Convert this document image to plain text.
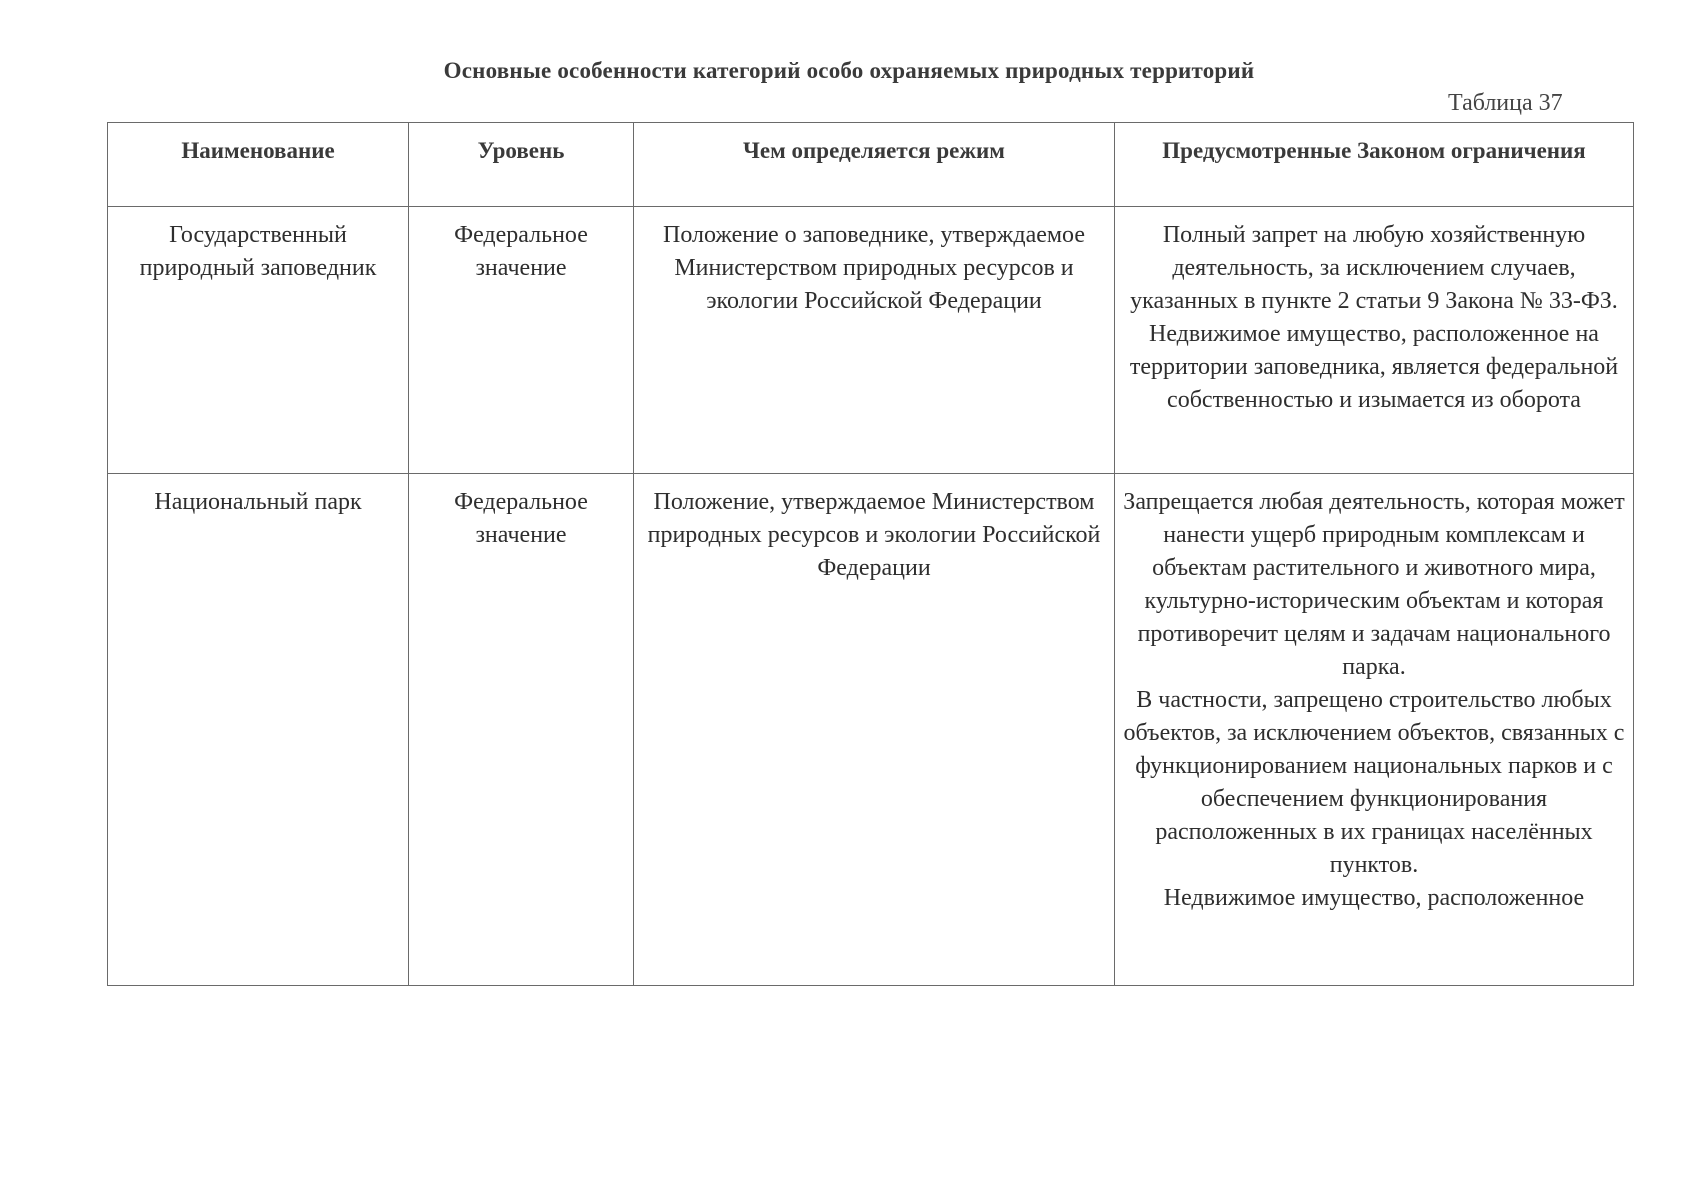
Основные особенности категорий особо охраняемых природных территорий
Таблица 37
Наименование	Уровень	Чем определяется режим	Предусмотренные Законом ограничения
Государственный природный заповедник	Федеральное значение	Положение о заповеднике, утверждаемое Министерством природных ресурсов и экологии Российской Федерации	Полный запрет на любую хозяйственную деятельность, за исключением случаев, указанных в пункте 2 статьи 9 Закона № 33-ФЗ.
Недвижимое имущество, расположенное на территории заповедника, является федеральной собственностью и изымается из оборота
Национальный парк	Федеральное значение	Положение, утверждаемое Министерством природных ресурсов и экологии Российской Федерации	Запрещается любая деятельность, которая может нанести ущерб природным комплексам и объектам растительного и животного мира, культурно-историческим объектам и которая противоречит целям и задачам национального парка.
В частности, запрещено строительство любых объектов, за исключением объектов, связанных с функционированием национальных парков и с обеспечением функционирования расположенных в их границах населённых пунктов.
Недвижимое имущество, расположенное
